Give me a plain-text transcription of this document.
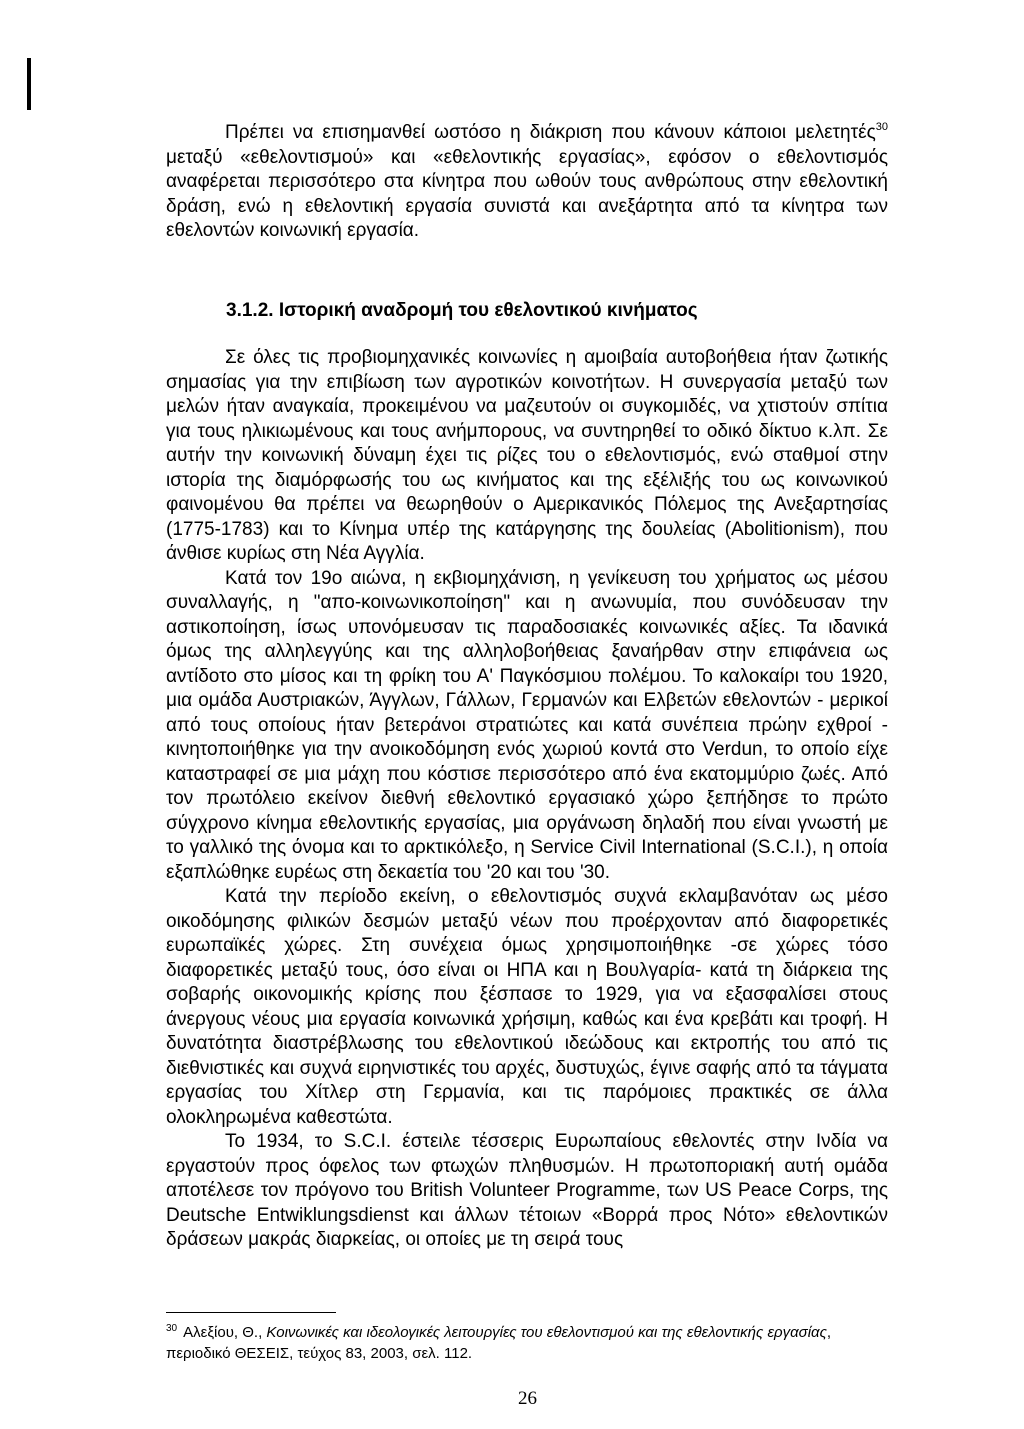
Πρέπει να επισημανθεί ωστόσο η διάκριση που κάνουν κάποιοι μελετητές$^{30}$ μεταξύ «εθελοντισμού» και «εθελοντικής εργασίας», εφόσον ο εθελοντισμός αναφέρεται περισσότερο στα κίνητρα που ωθούν τους ανθρώπους στην εθελοντική δράση, ενώ η εθελοντική εργασία συνιστά και ανεξάρτητα από τα κίνητρα των εθελοντών κοινωνική εργασία.

3.1.2. Ιστορική αναδρομή του εθελοντικού κινήματος

Σε όλες τις προβιομηχανικές κοινωνίες η αμοιβαία αυτοβοήθεια ήταν ζωτικής σημασίας για την επιβίωση των αγροτικών κοινοτήτων. Η συνεργασία μεταξύ των μελών ήταν αναγκαία, προκειμένου να μαζευτούν οι συγκομιδές, να χτιστούν σπίτια για τους ηλικιωμένους και τους ανήμπορους, να συντηρηθεί το οδικό δίκτυο κ.λπ. Σε αυτήν την κοινωνική δύναμη έχει τις ρίζες του ο εθελοντισμός, ενώ σταθμοί στην ιστορία της διαμόρφωσής του ως κινήματος και της εξέλιξής του ως κοινωνικού φαινομένου θα πρέπει να θεωρηθούν ο Αμερικανικός Πόλεμος της Ανεξαρτησίας (1775-1783) και το Κίνημα υπέρ της κατάργησης της δουλείας (Abolitionism), που άνθισε κυρίως στη Νέα Αγγλία.

Κατά τον 19ο αιώνα, η εκβιομηχάνιση, η γενίκευση του χρήματος ως μέσου συναλλαγής, η "απο-κοινωνικοποίηση" και η ανωνυμία, που συνόδευσαν την αστικοποίηση, ίσως υπονόμευσαν τις παραδοσιακές κοινωνικές αξίες. Τα ιδανικά όμως της αλληλεγγύης και της αλληλοβοήθειας ξαναήρθαν στην επιφάνεια ως αντίδοτο στο μίσος και τη φρίκη του Α' Παγκόσμιου πολέμου. Το καλοκαίρι του 1920, μια ομάδα Αυστριακών, Άγγλων, Γάλλων, Γερμανών και Ελβετών εθελοντών - μερικοί από τους οποίους ήταν βετεράνοι στρατιώτες και κατά συνέπεια πρώην εχθροί - κινητοποιήθηκε για την ανοικοδόμηση ενός χωριού κοντά στο Verdun, το οποίο είχε καταστραφεί σε μια μάχη που κόστισε περισσότερο από ένα εκατομμύριο ζωές. Από τον πρωτόλειο εκείνον διεθνή εθελοντικό εργασιακό χώρο ξεπήδησε το πρώτο σύγχρονο κίνημα εθελοντικής εργασίας, μια οργάνωση δηλαδή που είναι γνωστή με το γαλλικό της όνομα και το αρκτικόλεξο, η Service Civil International (S.C.I.), η οποία εξαπλώθηκε ευρέως στη δεκαετία του '20 και του '30.

Κατά την περίοδο εκείνη, ο εθελοντισμός συχνά εκλαμβανόταν ως μέσο οικοδόμησης φιλικών δεσμών μεταξύ νέων που προέρχονταν από διαφορετικές ευρωπαϊκές χώρες. Στη συνέχεια όμως χρησιμοποιήθηκε -σε χώρες τόσο διαφορετικές μεταξύ τους, όσο είναι οι ΗΠΑ και η Βουλγαρία- κατά τη διάρκεια της σοβαρής οικονομικής κρίσης που ξέσπασε το 1929, για να εξασφαλίσει στους άνεργους νέους μια εργασία κοινωνικά χρήσιμη, καθώς και ένα κρεβάτι και τροφή. Η δυνατότητα διαστρέβλωσης του εθελοντικού ιδεώδους και εκτροπής του από τις διεθνιστικές και συχνά ειρηνιστικές του αρχές, δυστυχώς, έγινε σαφής από τα τάγματα εργασίας του Χίτλερ στη Γερμανία, και τις παρόμοιες πρακτικές σε άλλα ολοκληρωμένα καθεστώτα.

Το 1934, το S.C.I. έστειλε τέσσερις Ευρωπαίους εθελοντές στην Ινδία να εργαστούν προς όφελος των φτωχών πληθυσμών. Η πρωτοποριακή αυτή ομάδα αποτέλεσε τον πρόγονο του British Volunteer Programme, των US Peace Corps, της Deutsche Entwiklungsdienst και άλλων τέτοιων «Βορρά προς Νότο» εθελοντικών δράσεων μακράς διαρκείας, οι οποίες με τη σειρά τους

$^{30}$ Αλεξίου, Θ., Κοινωνικές και ιδεολογικές λειτουργίες του εθελοντισμού και της εθελοντικής εργασίας, περιοδικό ΘΕΣΕΙΣ, τεύχος 83, 2003, σελ. 112.
26
